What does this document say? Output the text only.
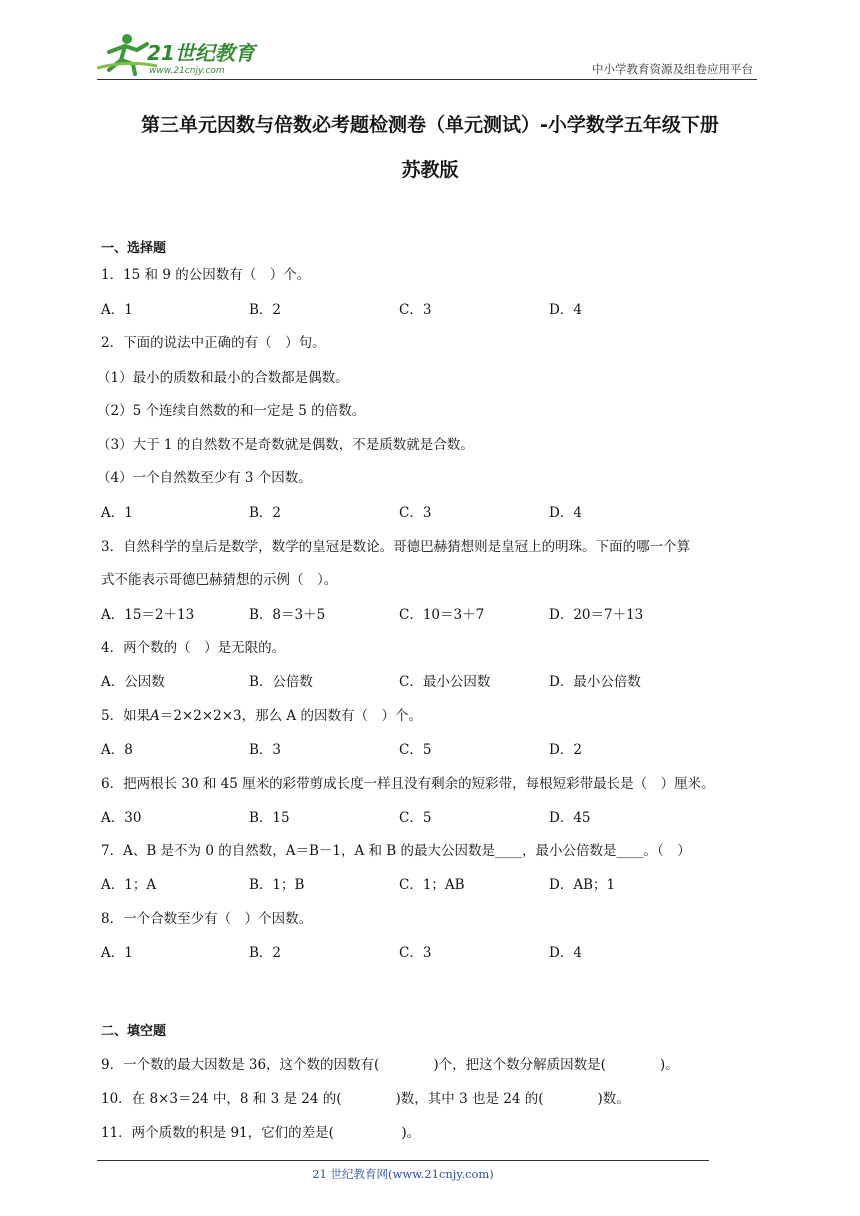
21世纪教育
www.21cnjy.com	中小学教育资源及组卷应用平台
第三单元因数与倍数必考题检测卷（单元测试）-小学数学五年级下册
苏教版
一、选择题
1．15 和 9 的公因数有（　）个。
A．1	B．2	C．3	D．4
2．下面的说法中正确的有（　）句。
（1）最小的质数和最小的合数都是偶数。
（2）5 个连续自然数的和一定是 5 的倍数。
（3）大于 1 的自然数不是奇数就是偶数，不是质数就是合数。
（4）一个自然数至少有 3 个因数。
A．1	B．2	C．3	D．4
3．自然科学的皇后是数学，数学的皇冠是数论。哥德巴赫猜想则是皇冠上的明珠。下面的哪一个算
式不能表示哥德巴赫猜想的示例（　）。
A．15＝2＋13	B．8＝3＋5	C．10＝3＋7	D．20＝7＋13
4．两个数的（　）是无限的。
A．公因数	B．公倍数	C．最小公因数	D．最小公倍数
5．如果A＝2×2×2×3，那么 A 的因数有（　）个。
A．8	B．3	C．5	D．2
6．把两根长 30 和 45 厘米的彩带剪成长度一样且没有剩余的短彩带，每根短彩带最长是（　）厘米。
A．30	B．15	C．5	D．45
7．A、B 是不为 0 的自然数，A＝B－1，A 和 B 的最大公因数是____，最小公倍数是____。（　）
A．1；A	B．1；B	C．1；AB	D．AB；1
8．一个合数至少有（　）个因数。
A．1	B．2	C．3	D．4
二、填空题
9．一个数的最大因数是 36，这个数的因数有(　　　　)个，把这个数分解质因数是(　　　　)。
10．在 8×3＝24 中，8 和 3 是 24 的(　　　　)数，其中 3 也是 24 的(　　　　)数。
11．两个质数的积是 91，它们的差是(　　　　　)。
21 世纪教育网(www.21cnjy.com)
